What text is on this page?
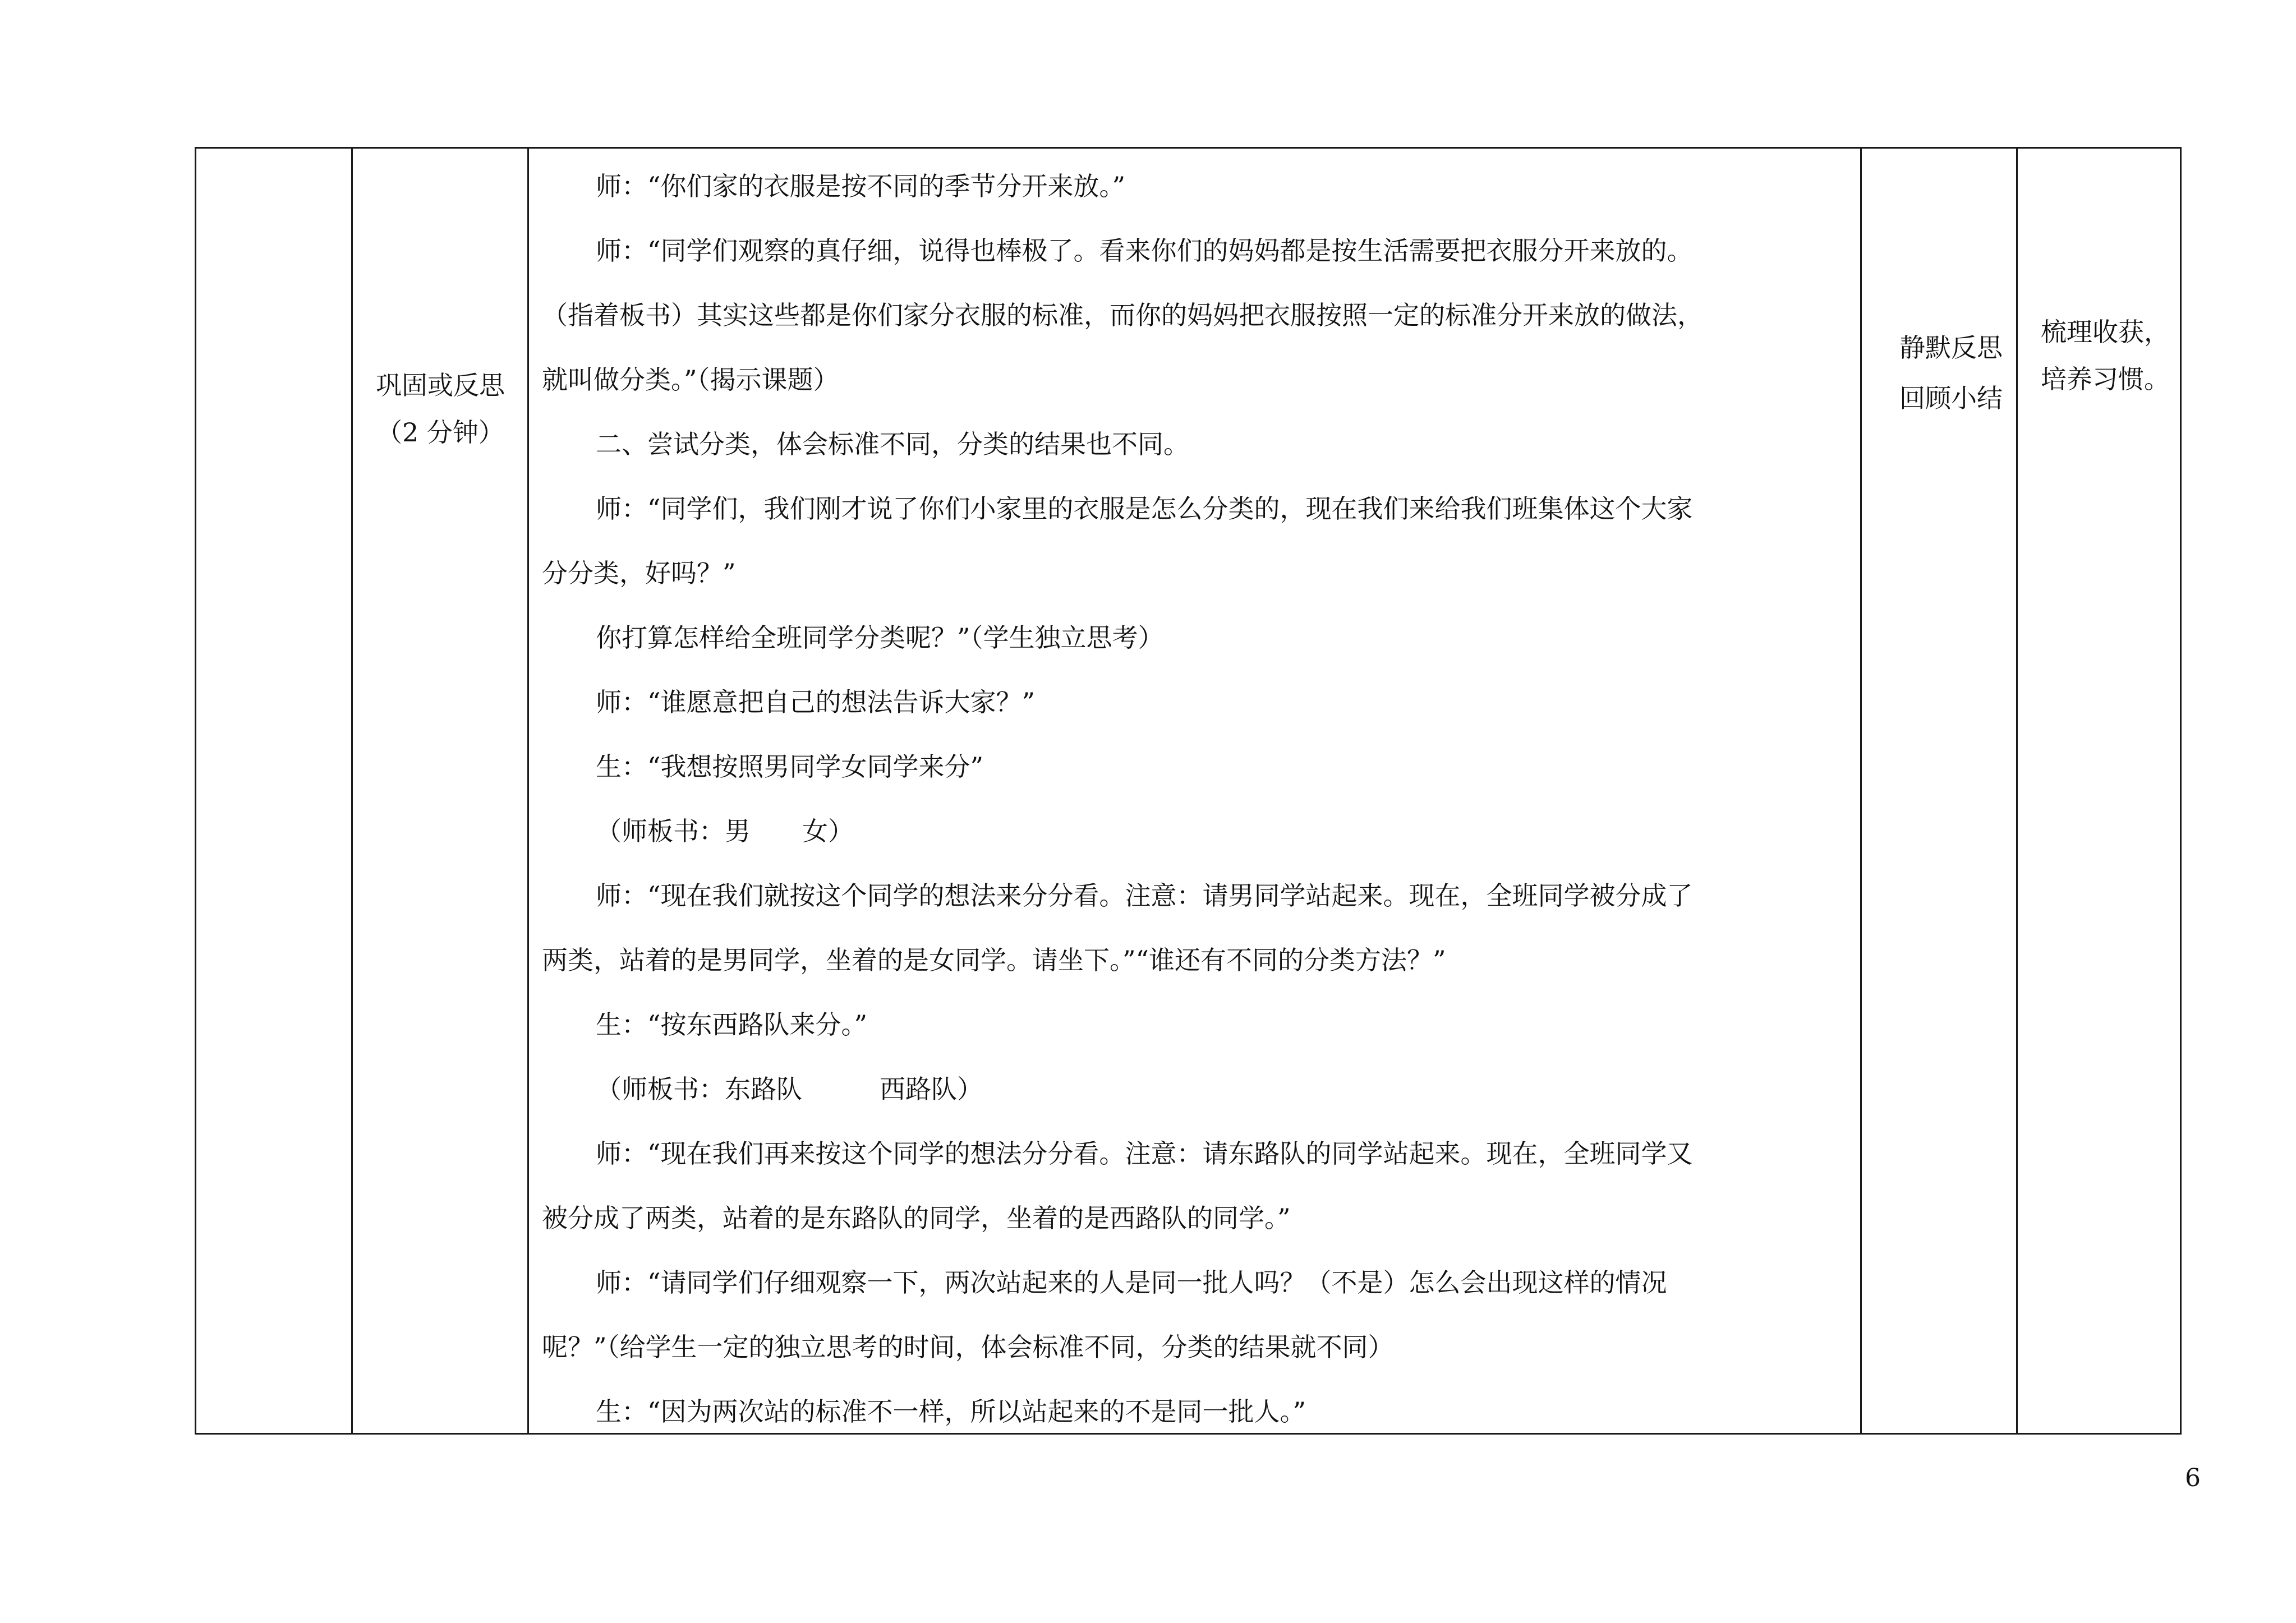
巩固或反思
（2 分钟）

师：“你们家的衣服是按不同的季节分开来放。”

师：“同学们观察的真仔细，说得也棒极了。看来你们的妈妈都是按生活需要把衣服分开来放的。

（指着板书）其实这些都是你们家分衣服的标准，而你的妈妈把衣服按照一定的标准分开来放的做法，

就叫做分类。”（揭示课题）

二、尝试分类，体会标准不同，分类的结果也不同。

师：“同学们，我们刚才说了你们小家里的衣服是怎么分类的，现在我们来给我们班集体这个大家

分分类，好吗？”

你打算怎样给全班同学分类呢？”（学生独立思考）

师：“谁愿意把自己的想法告诉大家？”

生：“我想按照男同学女同学来分”

（师板书：男　　女）

师：“现在我们就按这个同学的想法来分分看。注意：请男同学站起来。现在，全班同学被分成了

两类，站着的是男同学，坐着的是女同学。请坐下。”“谁还有不同的分类方法？”

生：“按东西路队来分。”

（师板书：东路队　　　西路队）

师：“现在我们再来按这个同学的想法分分看。注意：请东路队的同学站起来。现在，全班同学又

被分成了两类，站着的是东路队的同学，坐着的是西路队的同学。”

师：“请同学们仔细观察一下，两次站起来的人是同一批人吗？（不是）怎么会出现这样的情况

呢？”（给学生一定的独立思考的时间，体会标准不同，分类的结果就不同）

生：“因为两次站的标准不一样，所以站起来的不是同一批人。”

静默反思
回顾小结
梳理收获，
培养习惯。
6
